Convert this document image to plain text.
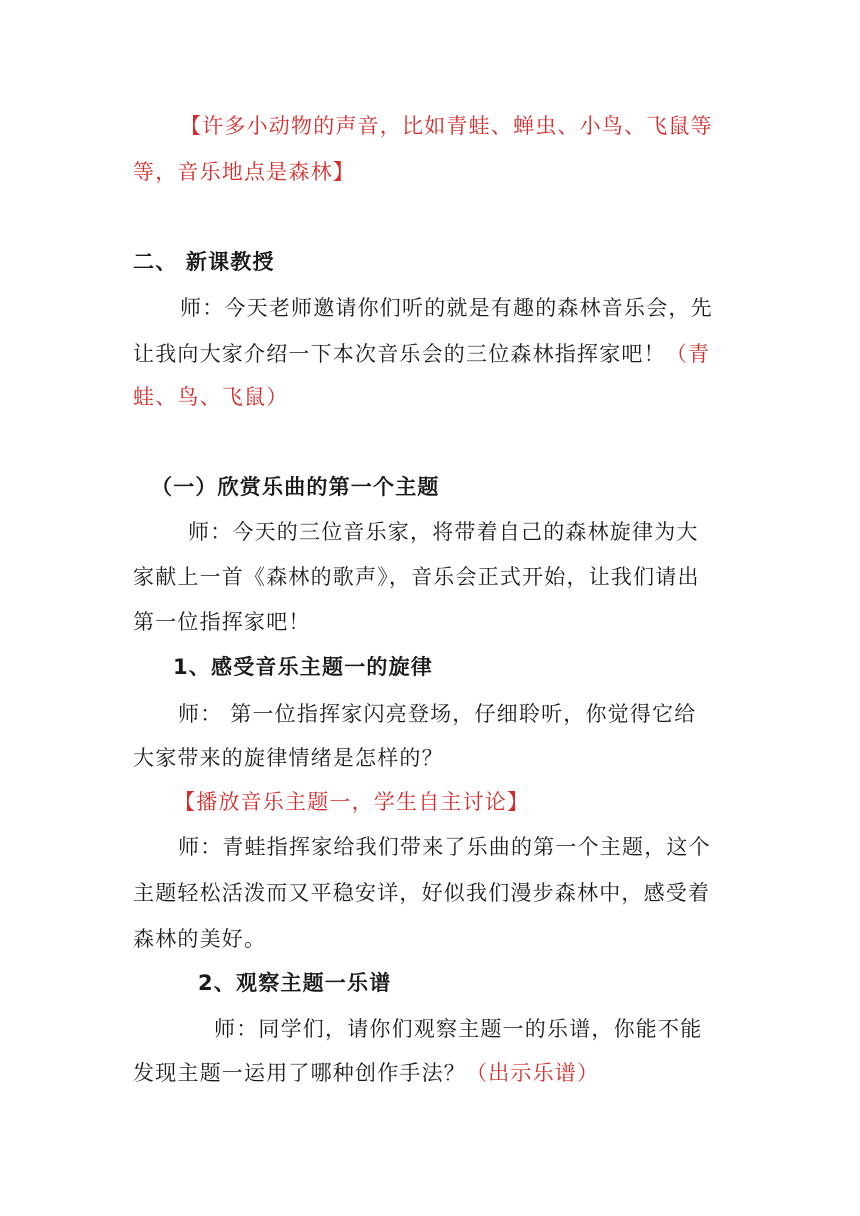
【许多小动物的声音，比如青蛙、蝉虫、小鸟、飞鼠等
等，音乐地点是森林】
二、 新课教授
师：今天老师邀请你们听的就是有趣的森林音乐会，先
让我向大家介绍一下本次音乐会的三位森林指挥家吧！（青
蛙、鸟、飞鼠）
（一）欣赏乐曲的第一个主题
师：今天的三位音乐家，将带着自己的森林旋律为大
家献上一首《森林的歌声》，音乐会正式开始，让我们请出
第一位指挥家吧！
1、感受音乐主题一的旋律
师： 第一位指挥家闪亮登场，仔细聆听，你觉得它给
大家带来的旋律情绪是怎样的？
【播放音乐主题一，学生自主讨论】
师：青蛙指挥家给我们带来了乐曲的第一个主题，这个
主题轻松活泼而又平稳安详，好似我们漫步森林中，感受着
森林的美好。
2、观察主题一乐谱
师：同学们，请你们观察主题一的乐谱，你能不能
发现主题一运用了哪种创作手法？（出示乐谱）
